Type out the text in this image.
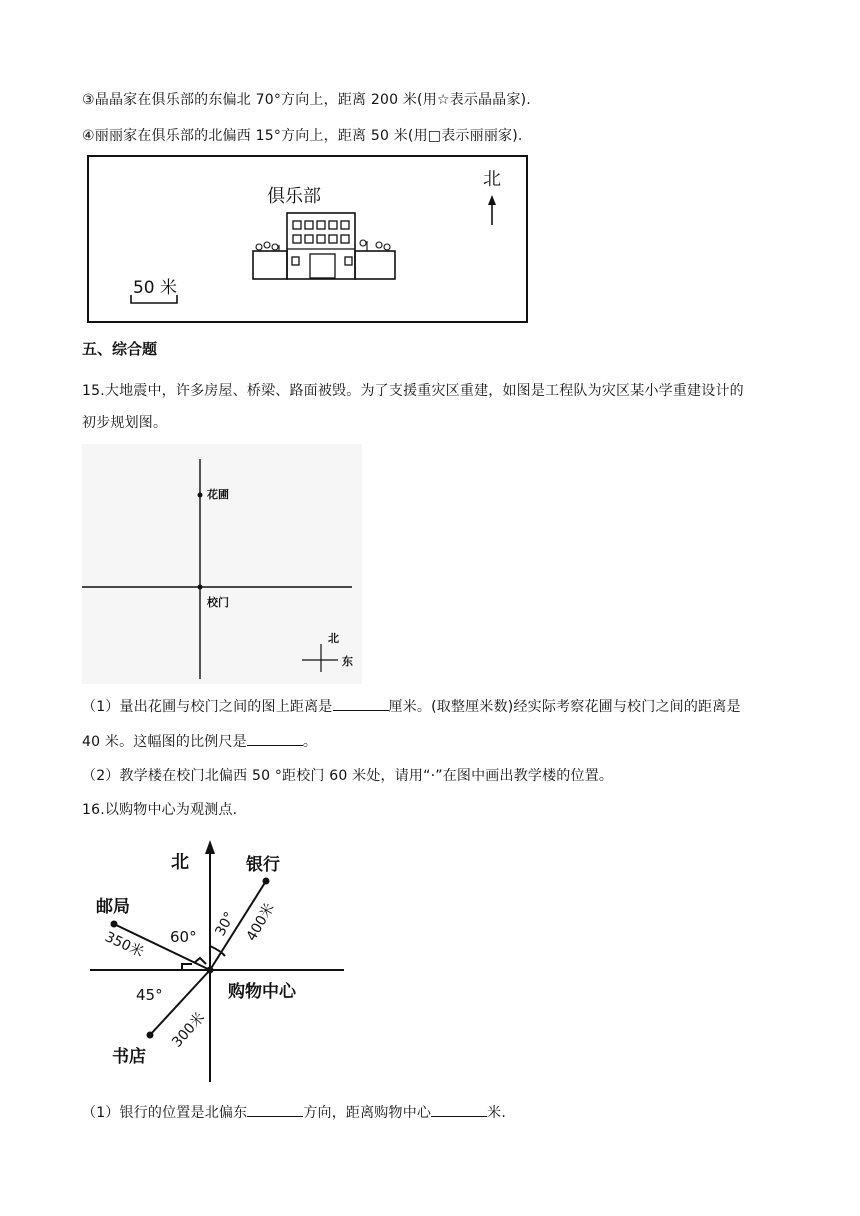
③晶晶家在俱乐部的东偏北 70°方向上，距离 200 米(用☆表示晶晶家).
④丽丽家在俱乐部的北偏西 15°方向上，距离 50 米(用□表示丽丽家).
俱乐部
北
50 米
五、综合题
15.大地震中，许多房屋、桥梁、路面被毁。为了支援重灾区重建，如图是工程队为灾区某小学重建设计的
初步规划图。
花圃
校门
北
东
（1）量出花圃与校门之间的图上距离是	厘米。(取整厘米数)经实际考察花圃与校门之间的距离是
40 米。这幅图的比例尺是	。
（2）教学楼在校门北偏西 50 °距校门 60 米处，请用“·”在图中画出教学楼的位置。
16.以购物中心为观测点.
北	银行
邮局
购物中心
书店
60°
45°
30°
350米
400米
300米
（1）银行的位置是北偏东	方向，距离购物中心	米.
